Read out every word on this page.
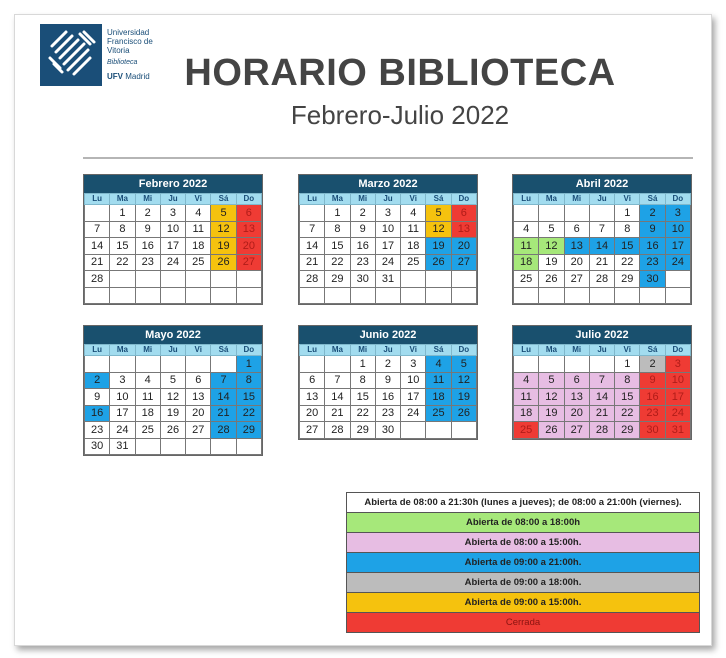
Universidad
Francisco de
Vitoria
Biblioteca
UFV Madrid HORARIO BIBLIOTECA
Febrero-Julio 2022
Febrero 2022
Lu	Ma	Mi	Ju	Vi	Sá	Do
	1	2	3	4	5	6
7	8	9	10	11	12	13
14	15	16	17	18	19	20
21	22	23	24	25	26	27
28						

Marzo 2022
Lu	Ma	Mi	Ju	Vi	Sá	Do
	1	2	3	4	5	6
7	8	9	10	11	12	13
14	15	16	17	18	19	20
21	22	23	24	25	26	27
28	29	30	31			

Abril 2022
Lu	Ma	Mi	Ju	Vi	Sá	Do
				1	2	3
4	5	6	7	8	9	10
11	12	13	14	15	16	17
18	19	20	21	22	23	24
25	26	27	28	29	30	

Mayo 2022
Lu	Ma	Mi	Ju	Vi	Sá	Do
						1
2	3	4	5	6	7	8
9	10	11	12	13	14	15
16	17	18	19	20	21	22
23	24	25	26	27	28	29
30	31					
Junio 2022
Lu	Ma	Mi	Ju	Vi	Sá	Do
		1	2	3	4	5
6	7	8	9	10	11	12
13	14	15	16	17	18	19
20	21	22	23	24	25	26
27	28	29	30			
Julio 2022
Lu	Ma	Mi	Ju	Vi	Sá	Do
				1	2	3
4	5	6	7	8	9	10
11	12	13	14	15	16	17
18	19	20	21	22	23	24
25	26	27	28	29	30	31
Abierta de 08:00 a 21:30h (lunes a jueves); de 08:00 a 21:00h (viernes).
Abierta de 08:00 a 18:00h
Abierta de 08:00 a 15:00h.
Abierta de 09:00 a 21:00h.
Abierta de 09:00 a 18:00h.
Abierta de 09:00 a 15:00h.
Cerrada
